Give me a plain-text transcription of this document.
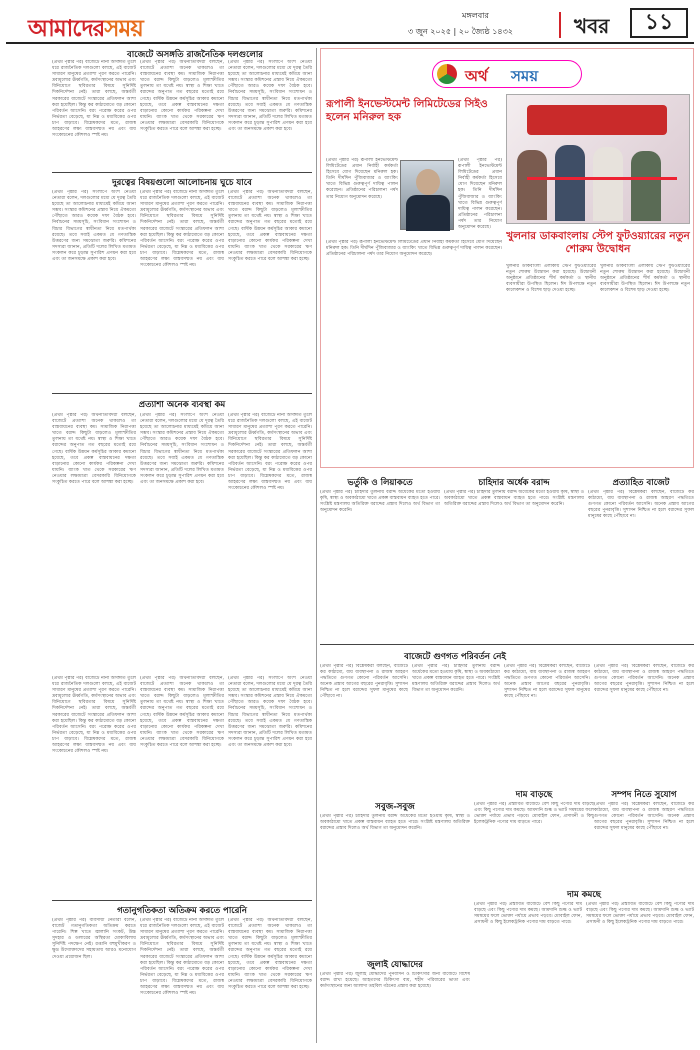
আমাদেরসময়	মঙ্গলবার
৩ জুন ২০২৫ | ২০ জ্যৈষ্ঠ ১৪৩২	খবর	১১
বাজেটে অসঙ্গতি রাজনৈতিক দলগুলোর
(প্রথম পৃষ্ঠার পর) বাজেটে নানা অসঙ্গতি তুলে ধরে রাজনৈতিক দলগুলো বলছে, এই বাজেট সাধারণ মানুষের প্রত্যাশা পূরণ করতে পারেনি। দ্রব্যমূল্যের ঊর্ধ্বগতি, কর্মসংস্থানের অভাব এবং বিনিয়োগে স্থবিরতার বিষয়ে সুনির্দিষ্ট দিকনির্দেশনা নেই। তারা বলছে, অন্তর্বর্তী সরকারের বাজেটে সংস্কারের প্রতিফলন আশা করা হয়েছিল। কিন্তু কর কাঠামোতে বড় কোনো পরিবর্তন আসেনি। বরং পরোক্ষ করের ওপর নির্ভরতা বেড়েছে, যা নিম্ন ও মধ্যবিত্তের ওপর চাপ বাড়াবে। বিশ্লেষকদের মতে, রাজস্ব আহরণের লক্ষ্য বাস্তবসম্মত নয় এবং ব্যয় সংকোচনের কৌশলও স্পষ্ট নয়।
(প্রথম পৃষ্ঠার পর) অর্থনীতিবিদরা বলছেন, বাজেটে প্রত্যাশা অনেক থাকলেও তা বাস্তবায়নের ব্যবস্থা কম। সামাজিক নিরাপত্তা খাতে বরাদ্দ কিছুটা বাড়লেও মূল্যস্ফীতির তুলনায় তা যথেষ্ট নয়। স্বাস্থ্য ও শিক্ষা খাতে বরাদ্দের অনুপাত গত বছরের মতোই রয়ে গেছে। বার্ষিক উন্নয়ন কর্মসূচির আকার কমানো হয়েছে, তবে প্রকল্প বাস্তবায়নের দক্ষতা বাড়ানোর কোনো কার্যকর পরিকল্পনা দেখা যায়নি। ব্যাংক খাত থেকে সরকারের ঋণ নেওয়ার লক্ষ্যমাত্রা বেসরকারি বিনিয়োগকে সংকুচিত করতে পারে বলে আশঙ্কা করা হচ্ছে।
(প্রথম পৃষ্ঠার পর) সংলাপে অংশ নেওয়া নেতারা বলেন, দলগুলোর মধ্যে যে দূরত্ব তৈরি হয়েছে তা আলোচনার মাধ্যমেই কমিয়ে আনা সম্ভব। সংস্কার কমিশনের প্রস্তাব নিয়ে ঐকমত্যে পৌঁছাতে আরও কয়েক দফা বৈঠক হবে। নির্বাচনের সময়সূচি, সংবিধান সংশোধন ও বিচার বিভাগের স্বাধীনতা নিয়ে মতপার্থক্য রয়েছে। তবে সবাই একমত যে গণতান্ত্রিক উত্তরণের জন্য সমঝোতা জরুরি। কমিশনের সদস্যরা জানান, প্রতিটি দলের লিখিত মতামত সংকলন করে চূড়ান্ত সুপারিশ প্রণয়ন করা হবে এবং তা জনসমক্ষে প্রকাশ করা হবে।
দুরত্বের বিষয়গুলো আলোচনায় ঘুচে যাবে
(প্রথম পৃষ্ঠার পর) সংলাপে অংশ নেওয়া নেতারা বলেন, দলগুলোর মধ্যে যে দূরত্ব তৈরি হয়েছে তা আলোচনার মাধ্যমেই কমিয়ে আনা সম্ভব। সংস্কার কমিশনের প্রস্তাব নিয়ে ঐকমত্যে পৌঁছাতে আরও কয়েক দফা বৈঠক হবে। নির্বাচনের সময়সূচি, সংবিধান সংশোধন ও বিচার বিভাগের স্বাধীনতা নিয়ে মতপার্থক্য রয়েছে। তবে সবাই একমত যে গণতান্ত্রিক উত্তরণের জন্য সমঝোতা জরুরি। কমিশনের সদস্যরা জানান, প্রতিটি দলের লিখিত মতামত সংকলন করে চূড়ান্ত সুপারিশ প্রণয়ন করা হবে এবং তা জনসমক্ষে প্রকাশ করা হবে।
(প্রথম পৃষ্ঠার পর) বাজেটে নানা অসঙ্গতি তুলে ধরে রাজনৈতিক দলগুলো বলছে, এই বাজেট সাধারণ মানুষের প্রত্যাশা পূরণ করতে পারেনি। দ্রব্যমূল্যের ঊর্ধ্বগতি, কর্মসংস্থানের অভাব এবং বিনিয়োগে স্থবিরতার বিষয়ে সুনির্দিষ্ট দিকনির্দেশনা নেই। তারা বলছে, অন্তর্বর্তী সরকারের বাজেটে সংস্কারের প্রতিফলন আশা করা হয়েছিল। কিন্তু কর কাঠামোতে বড় কোনো পরিবর্তন আসেনি। বরং পরোক্ষ করের ওপর নির্ভরতা বেড়েছে, যা নিম্ন ও মধ্যবিত্তের ওপর চাপ বাড়াবে। বিশ্লেষকদের মতে, রাজস্ব আহরণের লক্ষ্য বাস্তবসম্মত নয় এবং ব্যয় সংকোচনের কৌশলও স্পষ্ট নয়।
(প্রথম পৃষ্ঠার পর) অর্থনীতিবিদরা বলছেন, বাজেটে প্রত্যাশা অনেক থাকলেও তা বাস্তবায়নের ব্যবস্থা কম। সামাজিক নিরাপত্তা খাতে বরাদ্দ কিছুটা বাড়লেও মূল্যস্ফীতির তুলনায় তা যথেষ্ট নয়। স্বাস্থ্য ও শিক্ষা খাতে বরাদ্দের অনুপাত গত বছরের মতোই রয়ে গেছে। বার্ষিক উন্নয়ন কর্মসূচির আকার কমানো হয়েছে, তবে প্রকল্প বাস্তবায়নের দক্ষতা বাড়ানোর কোনো কার্যকর পরিকল্পনা দেখা যায়নি। ব্যাংক খাত থেকে সরকারের ঋণ নেওয়ার লক্ষ্যমাত্রা বেসরকারি বিনিয়োগকে সংকুচিত করতে পারে বলে আশঙ্কা করা হচ্ছে।
প্রত্যাশা অনেক ব্যবস্থা কম
(প্রথম পৃষ্ঠার পর) অর্থনীতিবিদরা বলছেন, বাজেটে প্রত্যাশা অনেক থাকলেও তা বাস্তবায়নের ব্যবস্থা কম। সামাজিক নিরাপত্তা খাতে বরাদ্দ কিছুটা বাড়লেও মূল্যস্ফীতির তুলনায় তা যথেষ্ট নয়। স্বাস্থ্য ও শিক্ষা খাতে বরাদ্দের অনুপাত গত বছরের মতোই রয়ে গেছে। বার্ষিক উন্নয়ন কর্মসূচির আকার কমানো হয়েছে, তবে প্রকল্প বাস্তবায়নের দক্ষতা বাড়ানোর কোনো কার্যকর পরিকল্পনা দেখা যায়নি। ব্যাংক খাত থেকে সরকারের ঋণ নেওয়ার লক্ষ্যমাত্রা বেসরকারি বিনিয়োগকে সংকুচিত করতে পারে বলে আশঙ্কা করা হচ্ছে।
(প্রথম পৃষ্ঠার পর) সংলাপে অংশ নেওয়া নেতারা বলেন, দলগুলোর মধ্যে যে দূরত্ব তৈরি হয়েছে তা আলোচনার মাধ্যমেই কমিয়ে আনা সম্ভব। সংস্কার কমিশনের প্রস্তাব নিয়ে ঐকমত্যে পৌঁছাতে আরও কয়েক দফা বৈঠক হবে। নির্বাচনের সময়সূচি, সংবিধান সংশোধন ও বিচার বিভাগের স্বাধীনতা নিয়ে মতপার্থক্য রয়েছে। তবে সবাই একমত যে গণতান্ত্রিক উত্তরণের জন্য সমঝোতা জরুরি। কমিশনের সদস্যরা জানান, প্রতিটি দলের লিখিত মতামত সংকলন করে চূড়ান্ত সুপারিশ প্রণয়ন করা হবে এবং তা জনসমক্ষে প্রকাশ করা হবে।
(প্রথম পৃষ্ঠার পর) বাজেটে নানা অসঙ্গতি তুলে ধরে রাজনৈতিক দলগুলো বলছে, এই বাজেট সাধারণ মানুষের প্রত্যাশা পূরণ করতে পারেনি। দ্রব্যমূল্যের ঊর্ধ্বগতি, কর্মসংস্থানের অভাব এবং বিনিয়োগে স্থবিরতার বিষয়ে সুনির্দিষ্ট দিকনির্দেশনা নেই। তারা বলছে, অন্তর্বর্তী সরকারের বাজেটে সংস্কারের প্রতিফলন আশা করা হয়েছিল। কিন্তু কর কাঠামোতে বড় কোনো পরিবর্তন আসেনি। বরং পরোক্ষ করের ওপর নির্ভরতা বেড়েছে, যা নিম্ন ও মধ্যবিত্তের ওপর চাপ বাড়াবে। বিশ্লেষকদের মতে, রাজস্ব আহরণের লক্ষ্য বাস্তবসম্মত নয় এবং ব্যয় সংকোচনের কৌশলও স্পষ্ট নয়।
(প্রথম পৃষ্ঠার পর) বাজেটে নানা অসঙ্গতি তুলে ধরে রাজনৈতিক দলগুলো বলছে, এই বাজেট সাধারণ মানুষের প্রত্যাশা পূরণ করতে পারেনি। দ্রব্যমূল্যের ঊর্ধ্বগতি, কর্মসংস্থানের অভাব এবং বিনিয়োগে স্থবিরতার বিষয়ে সুনির্দিষ্ট দিকনির্দেশনা নেই। তারা বলছে, অন্তর্বর্তী সরকারের বাজেটে সংস্কারের প্রতিফলন আশা করা হয়েছিল। কিন্তু কর কাঠামোতে বড় কোনো পরিবর্তন আসেনি। বরং পরোক্ষ করের ওপর নির্ভরতা বেড়েছে, যা নিম্ন ও মধ্যবিত্তের ওপর চাপ বাড়াবে। বিশ্লেষকদের মতে, রাজস্ব আহরণের লক্ষ্য বাস্তবসম্মত নয় এবং ব্যয় সংকোচনের কৌশলও স্পষ্ট নয়।
(প্রথম পৃষ্ঠার পর) অর্থনীতিবিদরা বলছেন, বাজেটে প্রত্যাশা অনেক থাকলেও তা বাস্তবায়নের ব্যবস্থা কম। সামাজিক নিরাপত্তা খাতে বরাদ্দ কিছুটা বাড়লেও মূল্যস্ফীতির তুলনায় তা যথেষ্ট নয়। স্বাস্থ্য ও শিক্ষা খাতে বরাদ্দের অনুপাত গত বছরের মতোই রয়ে গেছে। বার্ষিক উন্নয়ন কর্মসূচির আকার কমানো হয়েছে, তবে প্রকল্প বাস্তবায়নের দক্ষতা বাড়ানোর কোনো কার্যকর পরিকল্পনা দেখা যায়নি। ব্যাংক খাত থেকে সরকারের ঋণ নেওয়ার লক্ষ্যমাত্রা বেসরকারি বিনিয়োগকে সংকুচিত করতে পারে বলে আশঙ্কা করা হচ্ছে।
(প্রথম পৃষ্ঠার পর) সংলাপে অংশ নেওয়া নেতারা বলেন, দলগুলোর মধ্যে যে দূরত্ব তৈরি হয়েছে তা আলোচনার মাধ্যমেই কমিয়ে আনা সম্ভব। সংস্কার কমিশনের প্রস্তাব নিয়ে ঐকমত্যে পৌঁছাতে আরও কয়েক দফা বৈঠক হবে। নির্বাচনের সময়সূচি, সংবিধান সংশোধন ও বিচার বিভাগের স্বাধীনতা নিয়ে মতপার্থক্য রয়েছে। তবে সবাই একমত যে গণতান্ত্রিক উত্তরণের জন্য সমঝোতা জরুরি। কমিশনের সদস্যরা জানান, প্রতিটি দলের লিখিত মতামত সংকলন করে চূড়ান্ত সুপারিশ প্রণয়ন করা হবে এবং তা জনসমক্ষে প্রকাশ করা হবে।
গতানুগতিকতা অতিক্রম করতে পারেনি
(প্রথম পৃষ্ঠার পর) ব্যবসায়ী নেতারা বলেন, বাজেট গতানুগতিকতা অতিক্রম করতে পারেনি। শিল্প খাতে জ্বালানি সংকট, উচ্চ সুদহার ও ডলারের অস্থিরতা মোকাবিলায় সুনির্দিষ্ট পদক্ষেপ নেই। রপ্তানি বহুমুখীকরণ ও ক্ষুদ্র উদ্যোক্তাদের সহায়তায় আরও মনোযোগ দেওয়া প্রয়োজন ছিল।
(প্রথম পৃষ্ঠার পর) বাজেটে নানা অসঙ্গতি তুলে ধরে রাজনৈতিক দলগুলো বলছে, এই বাজেট সাধারণ মানুষের প্রত্যাশা পূরণ করতে পারেনি। দ্রব্যমূল্যের ঊর্ধ্বগতি, কর্মসংস্থানের অভাব এবং বিনিয়োগে স্থবিরতার বিষয়ে সুনির্দিষ্ট দিকনির্দেশনা নেই। তারা বলছে, অন্তর্বর্তী সরকারের বাজেটে সংস্কারের প্রতিফলন আশা করা হয়েছিল। কিন্তু কর কাঠামোতে বড় কোনো পরিবর্তন আসেনি। বরং পরোক্ষ করের ওপর নির্ভরতা বেড়েছে, যা নিম্ন ও মধ্যবিত্তের ওপর চাপ বাড়াবে। বিশ্লেষকদের মতে, রাজস্ব আহরণের লক্ষ্য বাস্তবসম্মত নয় এবং ব্যয় সংকোচনের কৌশলও স্পষ্ট নয়।
(প্রথম পৃষ্ঠার পর) অর্থনীতিবিদরা বলছেন, বাজেটে প্রত্যাশা অনেক থাকলেও তা বাস্তবায়নের ব্যবস্থা কম। সামাজিক নিরাপত্তা খাতে বরাদ্দ কিছুটা বাড়লেও মূল্যস্ফীতির তুলনায় তা যথেষ্ট নয়। স্বাস্থ্য ও শিক্ষা খাতে বরাদ্দের অনুপাত গত বছরের মতোই রয়ে গেছে। বার্ষিক উন্নয়ন কর্মসূচির আকার কমানো হয়েছে, তবে প্রকল্প বাস্তবায়নের দক্ষতা বাড়ানোর কোনো কার্যকর পরিকল্পনা দেখা যায়নি। ব্যাংক খাত থেকে সরকারের ঋণ নেওয়ার লক্ষ্যমাত্রা বেসরকারি বিনিয়োগকে সংকুচিত করতে পারে বলে আশঙ্কা করা হচ্ছে।
অর্থ সময়
রূপালী ইনভেস্টমেন্ট লিমিটেডের সিইও হলেন মনিরুল হক
(প্রথম পৃষ্ঠার পর) রূপালী ইনভেস্টমেন্ট লিমিটেডের প্রধান নির্বাহী কর্মকর্তা হিসেবে যোগ দিয়েছেন মনিরুল হক। তিনি দীর্ঘদিন পুঁজিবাজার ও ব্যাংকিং খাতে বিভিন্ন গুরুত্বপূর্ণ দায়িত্ব পালন করেছেন। প্রতিষ্ঠানের পরিচালনা পর্ষদ তার নিয়োগ অনুমোদন করেছে।
(প্রথম পৃষ্ঠার পর) রূপালী ইনভেস্টমেন্ট লিমিটেডের প্রধান নির্বাহী কর্মকর্তা হিসেবে যোগ দিয়েছেন মনিরুল হক। তিনি দীর্ঘদিন পুঁজিবাজার ও ব্যাংকিং খাতে বিভিন্ন গুরুত্বপূর্ণ দায়িত্ব পালন করেছেন। প্রতিষ্ঠানের পরিচালনা পর্ষদ তার নিয়োগ অনুমোদন করেছে।
(প্রথম পৃষ্ঠার পর) রূপালী ইনভেস্টমেন্ট লিমিটেডের প্রধান নির্বাহী কর্মকর্তা হিসেবে যোগ দিয়েছেন মনিরুল হক। তিনি দীর্ঘদিন পুঁজিবাজার ও ব্যাংকিং খাতে বিভিন্ন গুরুত্বপূর্ণ দায়িত্ব পালন করেছেন। প্রতিষ্ঠানের পরিচালনা পর্ষদ তার নিয়োগ অনুমোদন করেছে।
খুলনার ডাকবাংলায় স্টেপ ফুটওয়্যারের নতুন শোরুম উদ্বোধন
খুলনার ডাকবাংলা এলাকায় স্টেপ ফুটওয়্যারের নতুন শোরুম উদ্বোধন করা হয়েছে। উদ্বোধনী অনুষ্ঠানে প্রতিষ্ঠানের শীর্ষ কর্মকর্তা ও স্থানীয় ব্যবসায়ীরা উপস্থিত ছিলেন। ঈদ উপলক্ষে নতুন কালেকশন ও বিশেষ ছাড় দেওয়া হচ্ছে।
খুলনার ডাকবাংলা এলাকায় স্টেপ ফুটওয়্যারের নতুন শোরুম উদ্বোধন করা হয়েছে। উদ্বোধনী অনুষ্ঠানে প্রতিষ্ঠানের শীর্ষ কর্মকর্তা ও স্থানীয় ব্যবসায়ীরা উপস্থিত ছিলেন। ঈদ উপলক্ষে নতুন কালেকশন ও বিশেষ ছাড় দেওয়া হচ্ছে।
ভর্তুকি ও লিয়াকতে
(প্রথম পৃষ্ঠার পর) চাহিদার তুলনায় বরাদ্দ অর্ধেকের মতো হওয়ায় কৃষি, স্বাস্থ্য ও অবকাঠামো খাতে প্রকল্প বাস্তবায়ন ব্যাহত হতে পারে। সংশ্লিষ্ট মন্ত্রণালয় অতিরিক্ত বরাদ্দের প্রস্তাব দিলেও অর্থ বিভাগ তা অনুমোদন করেনি।
চাহিদার অর্ধেক বরাদ্দ
(প্রথম পৃষ্ঠার পর) চাহিদার তুলনায় বরাদ্দ অর্ধেকের মতো হওয়ায় কৃষি, স্বাস্থ্য ও অবকাঠামো খাতে প্রকল্প বাস্তবায়ন ব্যাহত হতে পারে। সংশ্লিষ্ট মন্ত্রণালয় অতিরিক্ত বরাদ্দের প্রস্তাব দিলেও অর্থ বিভাগ তা অনুমোদন করেনি।
প্রত্যাহিত বাজেট
(প্রথম পৃষ্ঠার পর) বিশ্লেষকরা বলছেন, বাজেটে কর কাঠামো, ব্যয় ব্যবস্থাপনা ও রাজস্ব আহরণ পদ্ধতিতে গুণগত কোনো পরিবর্তন আসেনি। অনেক প্রস্তাব আগের বছরের পুনরাবৃত্তি। সুশাসন নিশ্চিত না হলে বরাদ্দের সুফল মানুষের কাছে পৌঁছাবে না।
বাজেটে গুণগত পরিবর্তন নেই
(প্রথম পৃষ্ঠার পর) বিশ্লেষকরা বলছেন, বাজেটে কর কাঠামো, ব্যয় ব্যবস্থাপনা ও রাজস্ব আহরণ পদ্ধতিতে গুণগত কোনো পরিবর্তন আসেনি। অনেক প্রস্তাব আগের বছরের পুনরাবৃত্তি। সুশাসন নিশ্চিত না হলে বরাদ্দের সুফল মানুষের কাছে পৌঁছাবে না।
(প্রথম পৃষ্ঠার পর) চাহিদার তুলনায় বরাদ্দ অর্ধেকের মতো হওয়ায় কৃষি, স্বাস্থ্য ও অবকাঠামো খাতে প্রকল্প বাস্তবায়ন ব্যাহত হতে পারে। সংশ্লিষ্ট মন্ত্রণালয় অতিরিক্ত বরাদ্দের প্রস্তাব দিলেও অর্থ বিভাগ তা অনুমোদন করেনি।
(প্রথম পৃষ্ঠার পর) বিশ্লেষকরা বলছেন, বাজেটে কর কাঠামো, ব্যয় ব্যবস্থাপনা ও রাজস্ব আহরণ পদ্ধতিতে গুণগত কোনো পরিবর্তন আসেনি। অনেক প্রস্তাব আগের বছরের পুনরাবৃত্তি। সুশাসন নিশ্চিত না হলে বরাদ্দের সুফল মানুষের কাছে পৌঁছাবে না।
(প্রথম পৃষ্ঠার পর) বিশ্লেষকরা বলছেন, বাজেটে কর কাঠামো, ব্যয় ব্যবস্থাপনা ও রাজস্ব আহরণ পদ্ধতিতে গুণগত কোনো পরিবর্তন আসেনি। অনেক প্রস্তাব আগের বছরের পুনরাবৃত্তি। সুশাসন নিশ্চিত না হলে বরাদ্দের সুফল মানুষের কাছে পৌঁছাবে না।
সবুজ-সবুজ
(প্রথম পৃষ্ঠার পর) চাহিদার তুলনায় বরাদ্দ অর্ধেকের মতো হওয়ায় কৃষি, স্বাস্থ্য ও অবকাঠামো খাতে প্রকল্প বাস্তবায়ন ব্যাহত হতে পারে। সংশ্লিষ্ট মন্ত্রণালয় অতিরিক্ত বরাদ্দের প্রস্তাব দিলেও অর্থ বিভাগ তা অনুমোদন করেনি।
দাম বাড়ছে
(প্রথম পৃষ্ঠার পর) প্রস্তাবিত বাজেটে বেশ কিছু পণ্যের দাম বাড়ছে এবং কিছু পণ্যের দাম কমছে। আমদানি শুল্ক ও ভ্যাট সমন্বয়ের ফলে ভোক্তা পর্যায়ে প্রভাব পড়বে। মোবাইল ফোন, প্রসাধনী ও কিছু ইলেকট্রনিক পণ্যের দাম বাড়তে পারে।
সম্পদ নিতে সুযোগ
(প্রথম পৃষ্ঠার পর) বিশ্লেষকরা বলছেন, বাজেটে কর কাঠামো, ব্যয় ব্যবস্থাপনা ও রাজস্ব আহরণ পদ্ধতিতে গুণগত কোনো পরিবর্তন আসেনি। অনেক প্রস্তাব আগের বছরের পুনরাবৃত্তি। সুশাসন নিশ্চিত না হলে বরাদ্দের সুফল মানুষের কাছে পৌঁছাবে না।
দাম কমছে
(প্রথম পৃষ্ঠার পর) প্রস্তাবিত বাজেটে বেশ কিছু পণ্যের দাম বাড়ছে এবং কিছু পণ্যের দাম কমছে। আমদানি শুল্ক ও ভ্যাট সমন্বয়ের ফলে ভোক্তা পর্যায়ে প্রভাব পড়বে। মোবাইল ফোন, প্রসাধনী ও কিছু ইলেকট্রনিক পণ্যের দাম বাড়তে পারে।
(প্রথম পৃষ্ঠার পর) প্রস্তাবিত বাজেটে বেশ কিছু পণ্যের দাম বাড়ছে এবং কিছু পণ্যের দাম কমছে। আমদানি শুল্ক ও ভ্যাট সমন্বয়ের ফলে ভোক্তা পর্যায়ে প্রভাব পড়বে। মোবাইল ফোন, প্রসাধনী ও কিছু ইলেকট্রনিক পণ্যের দাম বাড়তে পারে।
জুলাই যোদ্ধাদের
(প্রথম পৃষ্ঠার পর) জুলাই যোদ্ধাদের পুনর্বাসন ও চিকিৎসার জন্য বাজেটে বিশেষ বরাদ্দ রাখা হয়েছে। আহতদের চিকিৎসা ব্যয়, শহীদ পরিবারের ভাতা এবং কর্মসংস্থানের জন্য আলাদা তহবিল গঠনের প্রস্তাব করা হয়েছে।
